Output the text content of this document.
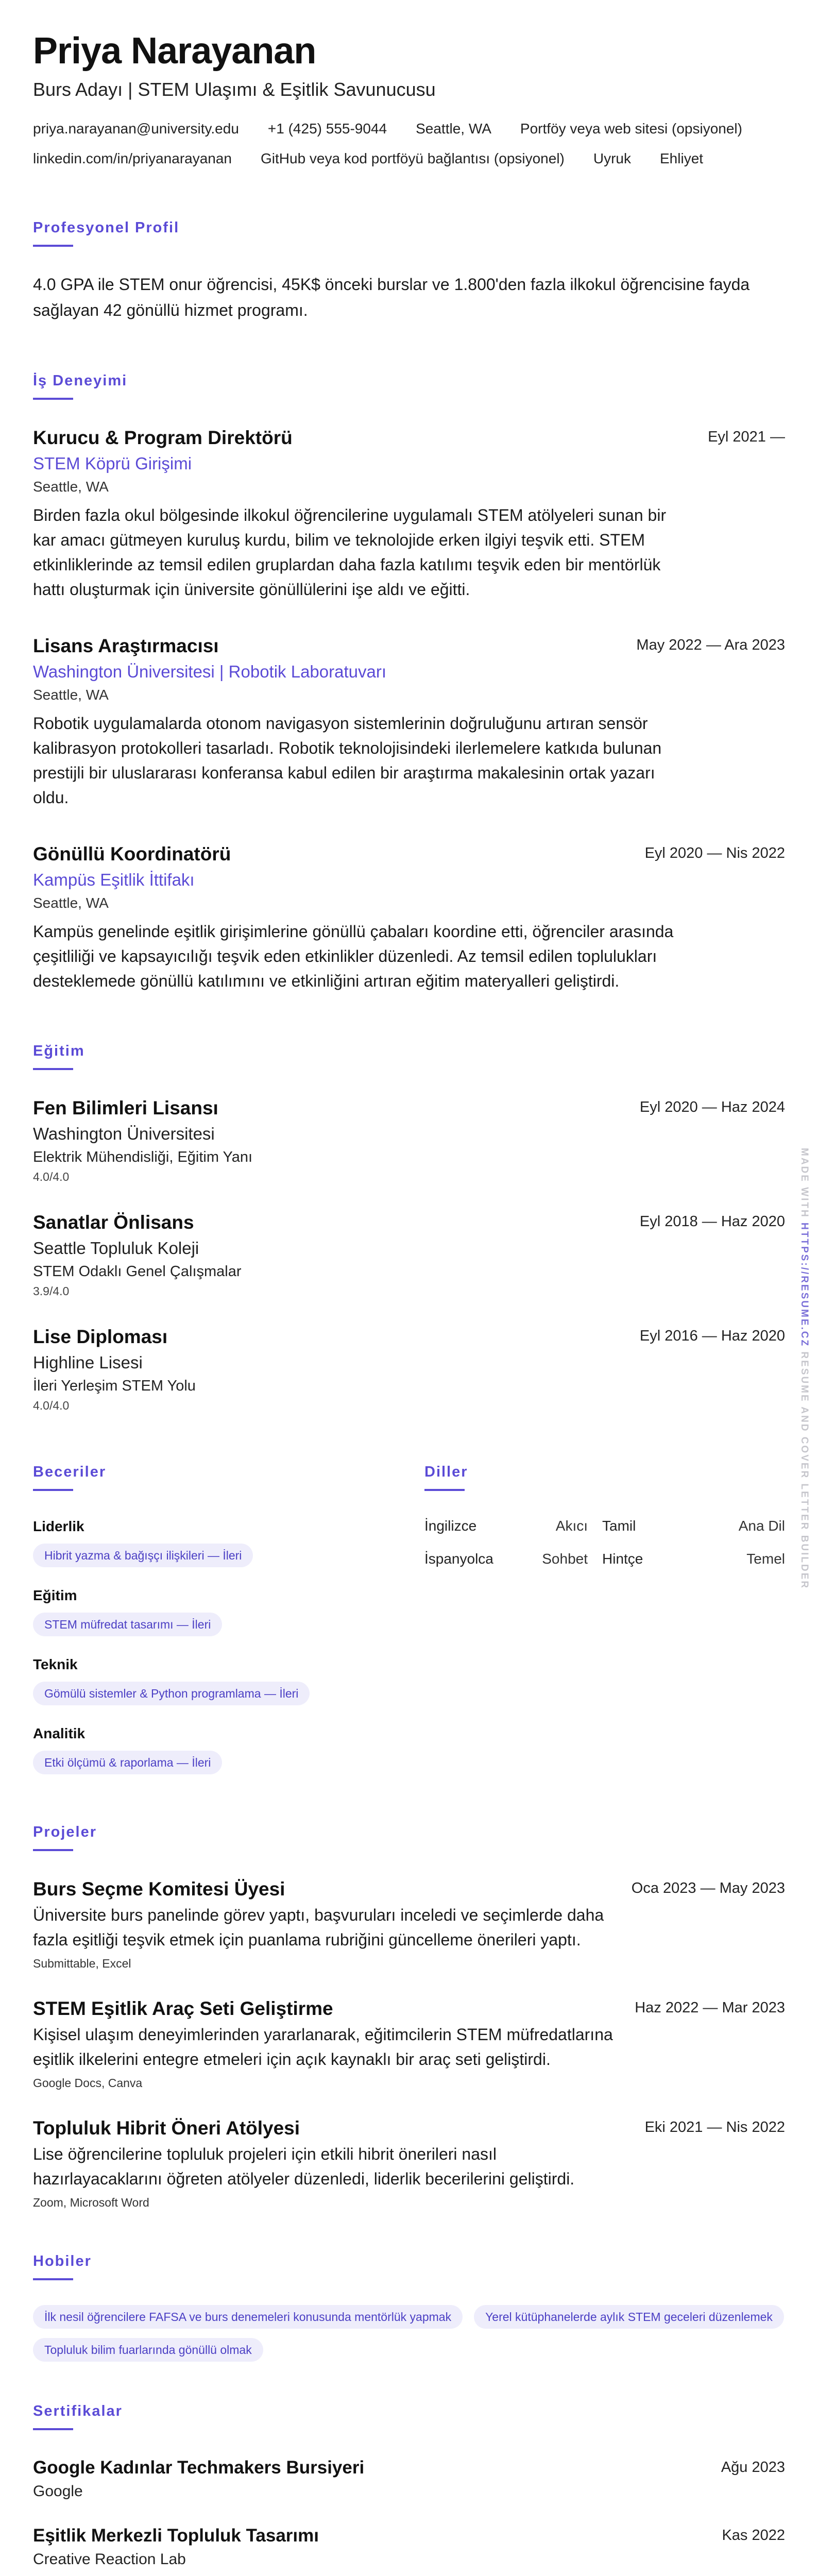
Priya Narayanan
Burs Adayı | STEM Ulaşımı & Eşitlik Savunucusu
priya.narayanan@university.edu +1 (425) 555-9044 Seattle, WA Portföy veya web sitesi (opsiyonel)
linkedin.com/in/priyanarayanan GitHub veya kod portföyü bağlantısı (opsiyonel) Uyruk Ehliyet
Profesyonel Profil

4.0 GPA ile STEM onur öğrencisi, 45K$ önceki burslar ve 1.800'den fazla ilkokul öğrencisine fayda sağlayan 42 gönüllü hizmet programı.

İş Deneyimi
Kurucu & Program Direktörü	Eyl 2021 —
STEM Köprü Girişimi
Seattle, WA

Birden fazla okul bölgesinde ilkokul öğrencilerine uygulamalı STEM atölyeleri sunan bir kar amacı gütmeyen kuruluş kurdu, bilim ve teknolojide erken ilgiyi teşvik etti. STEM etkinliklerinde az temsil edilen gruplardan daha fazla katılımı teşvik eden bir mentörlük hattı oluşturmak için üniversite gönüllülerini işe aldı ve eğitti.

Lisans Araştırmacısı	May 2022 — Ara 2023
Washington Üniversitesi | Robotik Laboratuvarı
Seattle, WA

Robotik uygulamalarda otonom navigasyon sistemlerinin doğruluğunu artıran sensör kalibrasyon protokolleri tasarladı. Robotik teknolojisindeki ilerlemelere katkıda bulunan prestijli bir uluslararası konferansa kabul edilen bir araştırma makalesinin ortak yazarı oldu.

Gönüllü Koordinatörü	Eyl 2020 — Nis 2022
Kampüs Eşitlik İttifakı
Seattle, WA

Kampüs genelinde eşitlik girişimlerine gönüllü çabaları koordine etti, öğrenciler arasında çeşitliliği ve kapsayıcılığı teşvik eden etkinlikler düzenledi. Az temsil edilen toplulukları desteklemede gönüllü katılımını ve etkinliğini artıran eğitim materyalleri geliştirdi.

Eğitim
Fen Bilimleri Lisansı	Eyl 2020 — Haz 2024
Washington Üniversitesi
Elektrik Mühendisliği, Eğitim Yanı
4.0/4.0
Sanatlar Önlisans	Eyl 2018 — Haz 2020
Seattle Topluluk Koleji
STEM Odaklı Genel Çalışmalar
3.9/4.0
Lise Diploması	Eyl 2016 — Haz 2020
Highline Lisesi
İleri Yerleşim STEM Yolu
4.0/4.0
Beceriler
Liderlik
Hibrit yazma & bağışçı ilişkileri — İleri
Eğitim
STEM müfredat tasarımı — İleri
Teknik
Gömülü sistemler & Python programlama — İleri
Analitik
Etki ölçümü & raporlama — İleri
Diller
İngilizce	Akıcı Tamil	Ana Dil
İspanyolca	Sohbet Hintçe	Temel
Projeler
Burs Seçme Komitesi Üyesi	Oca 2023 — May 2023

Üniversite burs panelinde görev yaptı, başvuruları inceledi ve seçimlerde daha fazla eşitliği teşvik etmek için puanlama rubriğini güncelleme önerileri yaptı.

Submittable, Excel
STEM Eşitlik Araç Seti Geliştirme	Haz 2022 — Mar 2023

Kişisel ulaşım deneyimlerinden yararlanarak, eğitimcilerin STEM müfredatlarına eşitlik ilkelerini entegre etmeleri için açık kaynaklı bir araç seti geliştirdi.

Google Docs, Canva
Topluluk Hibrit Öneri Atölyesi	Eki 2021 — Nis 2022

Lise öğrencilerine topluluk projeleri için etkili hibrit önerileri nasıl hazırlayacaklarını öğreten atölyeler düzenledi, liderlik becerilerini geliştirdi.

Zoom, Microsoft Word
Hobiler
İlk nesil öğrencilere FAFSA ve burs denemeleri konusunda mentörlük yapmak	Yerel kütüphanelerde aylık STEM geceleri düzenlemek
Topluluk bilim fuarlarında gönüllü olmak
Sertifikalar
Google Kadınlar Techmakers Bursiyeri	Ağu 2023
Google
Eşitlik Merkezli Topluluk Tasarımı	Kas 2022
Creative Reaction Lab
MADE WITH HTTPS://RESUME.CZ RESUME AND COVER LETTER BUILDER
